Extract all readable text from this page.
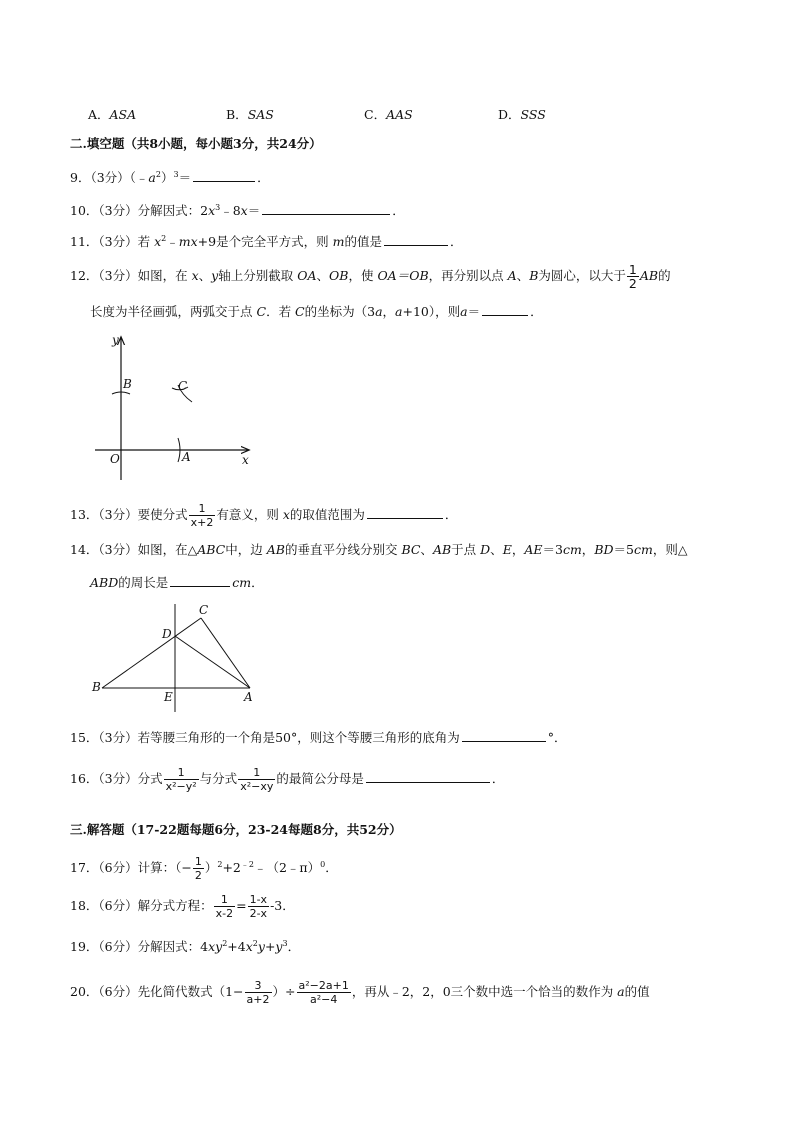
A．ASA	B．SAS	C．AAS	D．SSS
二.填空题（共8小题，每小题3分，共24分）
9．（3分）$(﹣a^2)^3=$	．
10．（3分）分解因式：$2x^3﹣8x=$	．
11．（3分）若 $x^2﹣mx+9$是个完全平方式，则 m的值是	．
12．（3分）如图，在 x、y轴上分别截取 OA、OB，使 OA＝OB，再分别以点 A、B为圆心，以大于 $\frac{1}{2}$ AB的
长度为半径画弧，两弧交于点 C．若 C的坐标为（3a，a+10），则a＝	．
y
x
O	A
B	C
13．（3分）要使分式 $\frac{1}{x+2}$ 有意义，则 x的取值范围为	．
14．（3分）如图，在△ABC中，边 AB的垂直平分线分别交 BC、AB于点 D、E，AE＝3cm，BD＝5cm，则△
ABD的周长是	cm．
B
A
C
D
E
15．（3分）若等腰三角形的一个角是50°，则这个等腰三角形的底角为	°．
16．（3分）分式 $\frac{1}{\text{x²−y²}}$ 与分式 $\frac{1}{\text{x²−xy}}$ 的最简公分母是	．
三.解答题（17-22题每题6分，23-24每题8分，共52分）
17．（6分）计算：（− $\frac{1}{2}$ ）$^2+2^{﹣2}﹣(2﹣\pi)^0$．
18．（6分）解分式方程： $\frac{1}{x-2} = \frac{1-x}{2-x} -3$．
19．（6分）分解因式：$4xy^2+4x^2y+y^3$．
20．（6分）先化简代数式（$1- \frac{3}{a+2}$ ）÷ $\frac{\text{a²−2a+1}}{\text{a²−4}}$ ，再从﹣2，2，0三个数中选一个恰当的数作为 a的值
